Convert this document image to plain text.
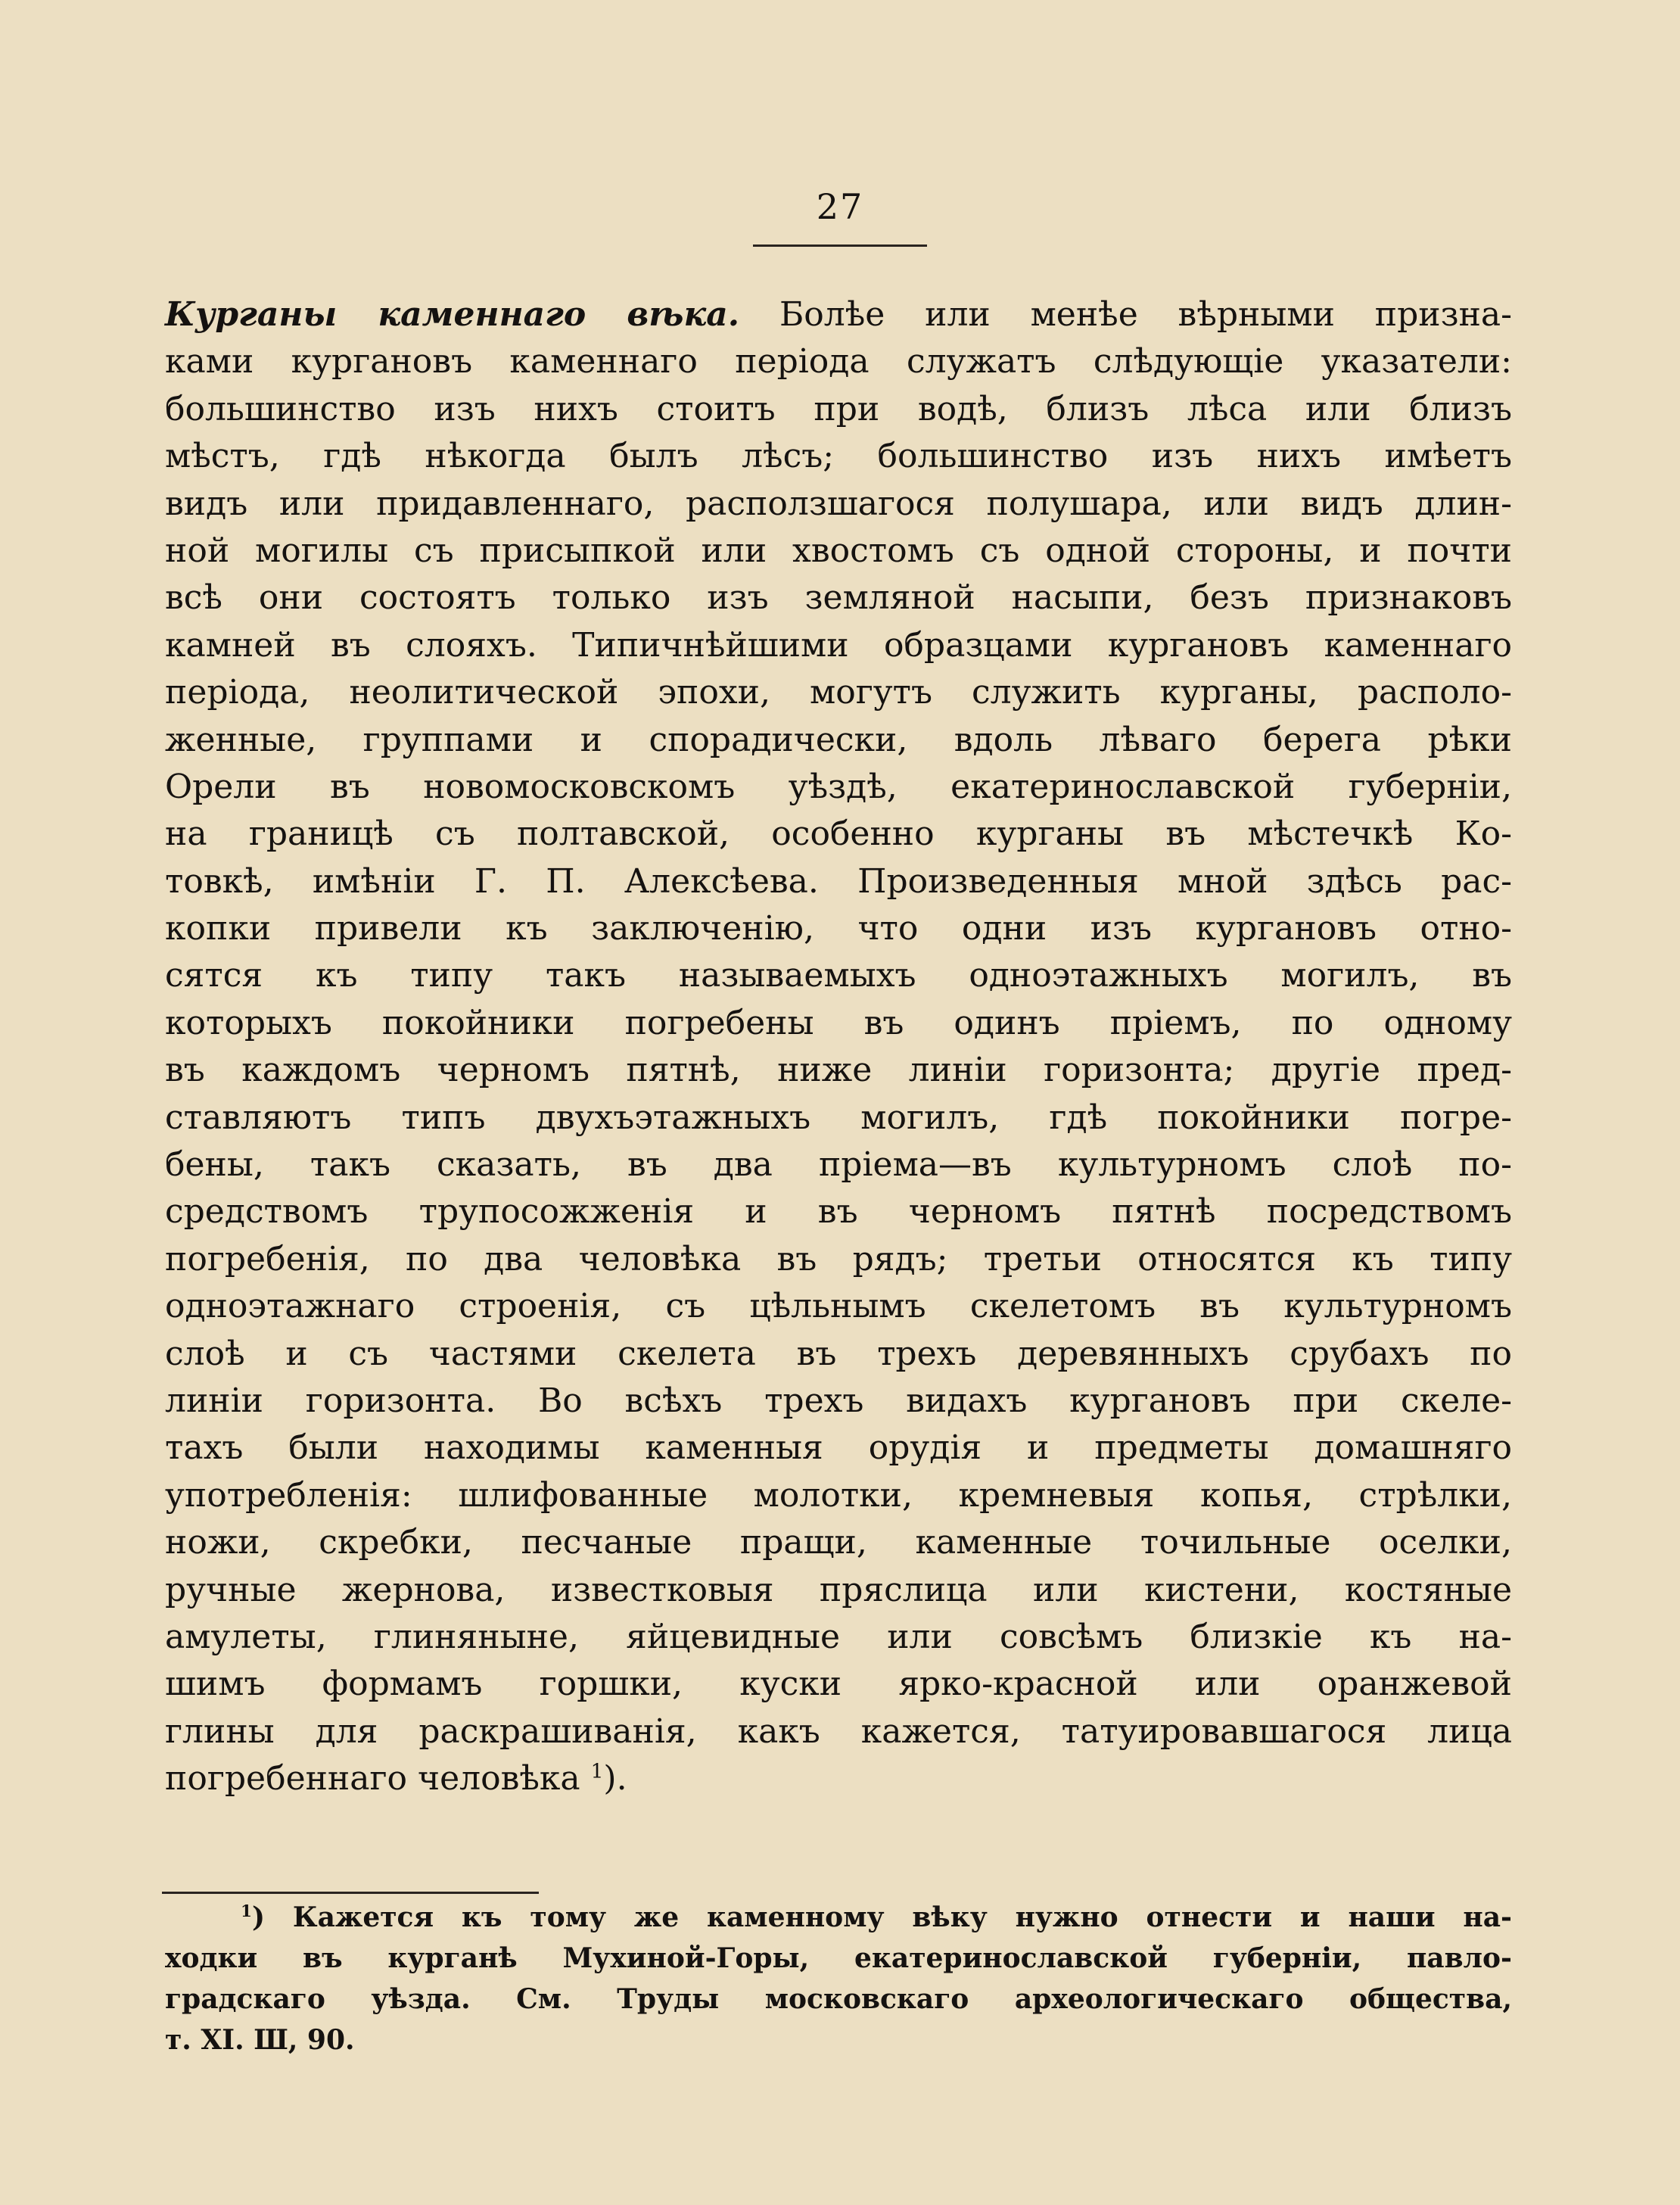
27
Курганы каменнаго вѣка. Болѣе или менѣе вѣрными призна-
ками кургановъ каменнаго періода служатъ слѣдующіе указатели:
большинство изъ нихъ стоитъ при водѣ, близъ лѣса или близъ
мѣстъ, гдѣ нѣкогда былъ лѣсъ; большинство изъ нихъ имѣетъ
видъ или придавленнаго, расползшагося полушара, или видъ длин-
ной могилы съ присыпкой или хвостомъ съ одной стороны, и почти
всѣ они состоятъ только изъ земляной насыпи, безъ признаковъ
камней въ слояхъ. Типичнѣйшими образцами кургановъ каменнаго
періода, неолитической эпохи, могутъ служить курганы, располо-
женные, группами и спорадически, вдоль лѣваго берега рѣки
Орели въ новомосковскомъ уѣздѣ, екатеринославской губерніи,
на границѣ съ полтавской, особенно курганы въ мѣстечкѣ Ко-
товкѣ, имѣніи Г. П. Алексѣева. Произведенныя мной здѣсь рас-
копки привели къ заключенію, что одни изъ кургановъ отно-
сятся къ типу такъ называемыхъ одноэтажныхъ могилъ, въ
которыхъ покойники погребены въ одинъ пріемъ, по одному
въ каждомъ черномъ пятнѣ, ниже линіи горизонта; другіе пред-
ставляютъ типъ двухъэтажныхъ могилъ, гдѣ покойники погре-
бены, такъ сказать, въ два пріема—въ культурномъ слоѣ по-
средствомъ трупосожженія и въ черномъ пятнѣ посредствомъ
погребенія, по два человѣка въ рядъ; третьи относятся къ типу
одноэтажнаго строенія, съ цѣльнымъ скелетомъ въ культурномъ
слоѣ и съ частями скелета въ трехъ деревянныхъ срубахъ по
линіи горизонта. Во всѣхъ трехъ видахъ кургановъ при скеле-
тахъ были находимы каменныя орудія и предметы домашняго
употребленія: шлифованные молотки, кремневыя копья, стрѣлки,
ножи, скребки, песчаные пращи, каменные точильные оселки,
ручные жернова, известковыя пряслица или кистени, костяные
амулеты, глиняныне, яйцевидные или совсѣмъ близкіе къ на-
шимъ формамъ горшки, куски ярко-красной или оранжевой
глины для раскрашиванія, какъ кажется, татуировавшагося лица
погребеннаго человѣка $^1$).
$^1$) Кажется къ тому же каменному вѣку нужно отнести и наши на-
ходки въ курганѣ Мухиной-Горы, екатеринославской губерніи, павло-
градскаго уѣзда. См. Труды московскаго археологическаго общества,
т. XI. Ш, 90.
